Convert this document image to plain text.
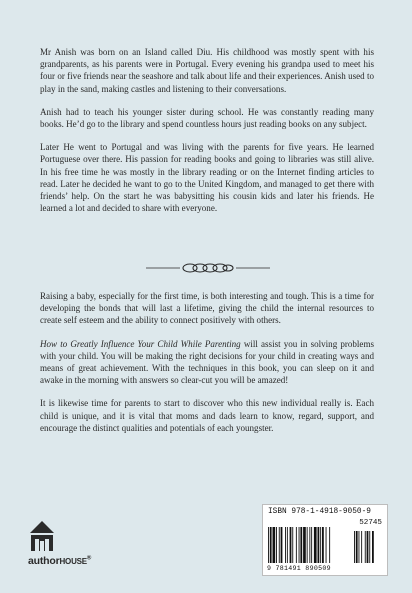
Mr Anish was born on an Island called Diu. His childhood was mostly spent with his grandparents, as his parents were in Portugal. Every evening his grandpa used to meet his four or five friends near the seashore and talk about life and their experiences. Anish used to play in the sand, making castles and listening to their conversations.

Anish had to teach his younger sister during school. He was constantly reading many books. He’d go to the library and spend countless hours just reading books on any subject.

Later He went to Portugal and was living with the parents for five years. He learned Portuguese over there. His passion for reading books and going to libraries was still alive. In his free time he was mostly in the library reading or on the Internet finding articles to read. Later he decided he want to go to the United Kingdom, and managed to get there with friends’ help. On the start he was babysitting his cousin kids and later his friends. He learned a lot and decided to share with everyone.

Raising a baby, especially for the first time, is both interesting and tough. This is a time for developing the bonds that will last a lifetime, giving the child the internal resources to create self esteem and the ability to connect positively with others.

How to Greatly Influence Your Child While Parenting will assist you in solving problems with your child. You will be making the right decisions for your child in creating ways and means of great achievement. With the techniques in this book, you can sleep on it and awake in the morning with answers so clear-cut you will be amazed!

It is likewise time for parents to start to discover who this new individual really is. Each child is unique, and it is vital that moms and dads learn to know, regard, support, and encourage the distinct qualities and potentials of each youngster.

authorHOUSE®
ISBN 978-1-4918-9050-9
52745
9 781491 890509
